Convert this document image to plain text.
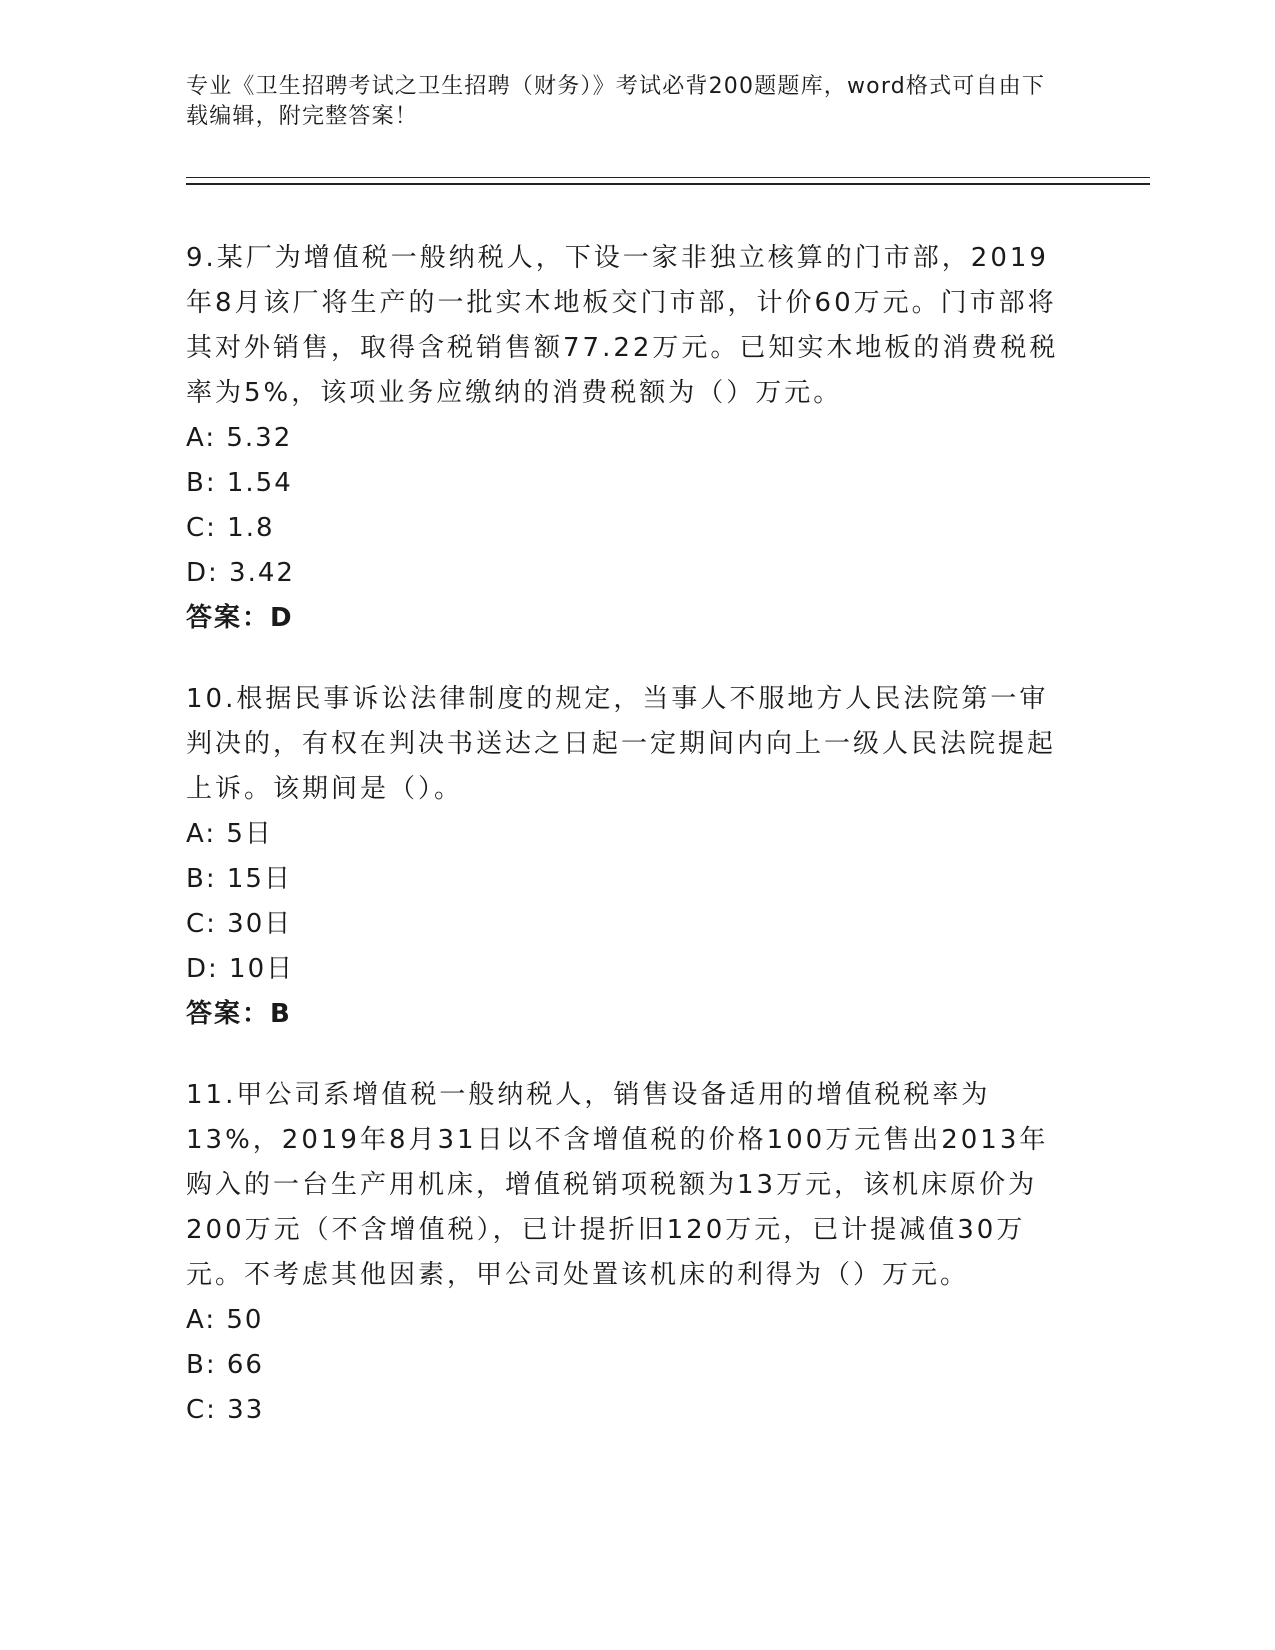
专业《卫生招聘考试之卫生招聘（财务）》考试必背200题题库，word格式可自由下载编辑，附完整答案！

9.某厂为增值税一般纳税人，下设一家非独立核算的门市部，2019年8月该厂将生产的一批实木地板交门市部，计价60万元。门市部将其对外销售，取得含税销售额77.22万元。已知实木地板的消费税税率为5%，该项业务应缴纳的消费税额为（）万元。

A: 5.32

B: 1.54

C: 1.8

D: 3.42

答案：D

10.根据民事诉讼法律制度的规定，当事人不服地方人民法院第一审判决的，有权在判决书送达之日起一定期间内向上一级人民法院提起上诉。该期间是（）。

A: 5日

B: 15日

C: 30日

D: 10日

答案：B

11.甲公司系增值税一般纳税人，销售设备适用的增值税税率为13%，2019年8月31日以不含增值税的价格100万元售出2013年购入的一台生产用机床，增值税销项税额为13万元，该机床原价为200万元（不含增值税），已计提折旧120万元，已计提减值30万元。不考虑其他因素，甲公司处置该机床的利得为（）万元。

A: 50

B: 66

C: 33
